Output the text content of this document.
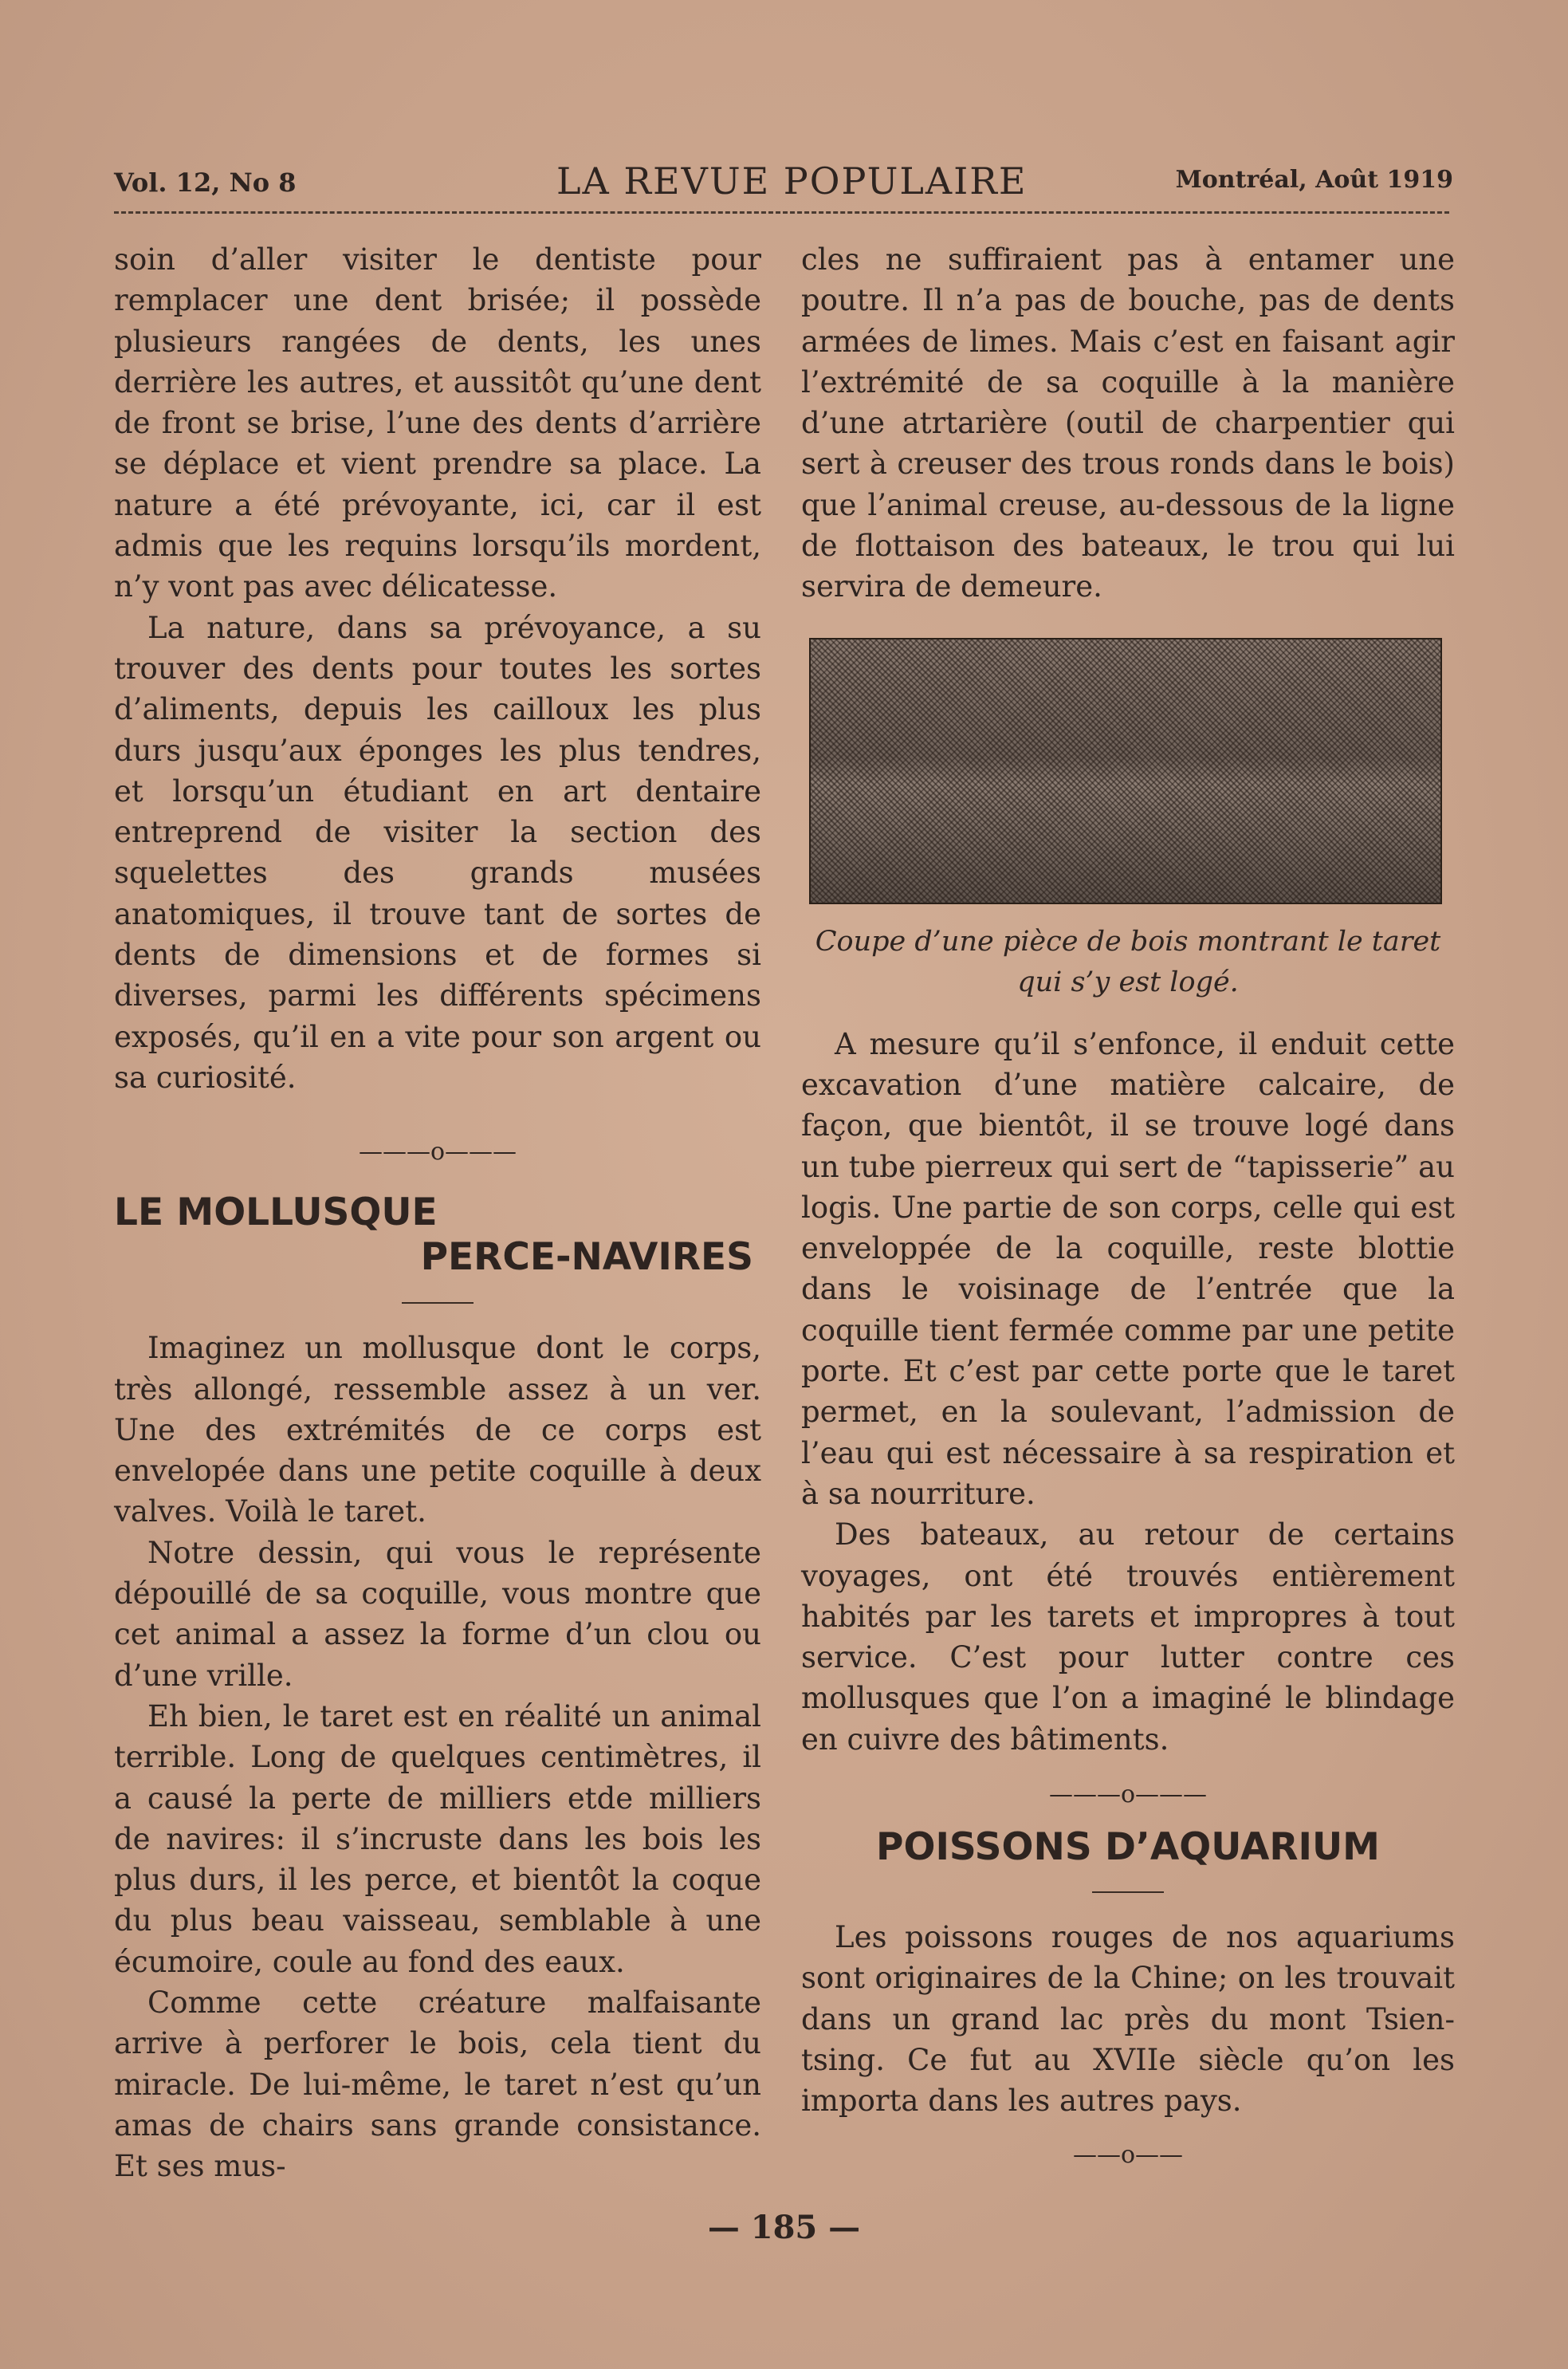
Vol. 12, No 8	LA REVUE POPULAIRE	Montréal, Août 1919

soin d’aller visiter le dentiste pour remplacer une dent brisée; il possède plusieurs rangées de dents, les unes derrière les autres, et aussitôt qu’une dent de front se brise, l’une des dents d’arrière se déplace et vient prendre sa place. La nature a été prévoyante, ici, car il est admis que les requins lorsqu’ils mordent, n’y vont pas avec délicatesse.

La nature, dans sa prévoyance, a su trouver des dents pour toutes les sortes d’aliments, depuis les cailloux les plus durs jusqu’aux éponges les plus tendres, et lorsqu’un étudiant en art dentaire entreprend de visiter la section des squelettes des grands musées anatomiques, il trouve tant de sortes de dents de dimensions et de formes si diverses, parmi les différents spécimens exposés, qu’il en a vite pour son argent ou sa curiosité.

———o———
LE MOLLUSQUE
PERCE-NAVIRES

Imaginez un mollusque dont le corps, très allongé, ressemble assez à un ver. Une des extrémités de ce corps est envelopée dans une petite coquille à deux valves. Voilà le taret.

Notre dessin, qui vous le représente dépouillé de sa coquille, vous montre que cet animal a assez la forme d’un clou ou d’une vrille.

Eh bien, le taret est en réalité un animal terrible. Long de quelques centimètres, il a causé la perte de milliers etde milliers de navires: il s’incruste dans les bois les plus durs, il les perce, et bientôt la coque du plus beau vaisseau, semblable à une écumoire, coule au fond des eaux.

Comme cette créature malfaisante arrive à perforer le bois, cela tient du miracle. De lui-même, le taret n’est qu’un amas de chairs sans grande consistance. Et ses mus-

cles ne suffiraient pas à entamer une poutre. Il n’a pas de bouche, pas de dents armées de limes. Mais c’est en faisant agir l’extrémité de sa coquille à la manière d’une atrtarière (outil de charpentier qui sert à creuser des trous ronds dans le bois) que l’animal creuse, au-dessous de la ligne de flottaison des bateaux, le trou qui lui servira de demeure.

Coupe d’une pièce de bois montrant le taret qui s’y est logé.

A mesure qu’il s’enfonce, il enduit cette excavation d’une matière calcaire, de façon, que bientôt, il se trouve logé dans un tube pierreux qui sert de “tapisserie” au logis. Une partie de son corps, celle qui est enveloppée de la coquille, reste blottie dans le voisinage de l’entrée que la coquille tient fermée comme par une petite porte. Et c’est par cette porte que le taret permet, en la soulevant, l’admission de l’eau qui est nécessaire à sa respiration et à sa nourriture.

Des bateaux, au retour de certains voyages, ont été trouvés entièrement habités par les tarets et impropres à tout service. C’est pour lutter contre ces mollusques que l’on a imaginé le blindage en cuivre des bâtiments.

———o———
POISSONS D’AQUARIUM

Les poissons rouges de nos aquariums sont originaires de la Chine; on les trouvait dans un grand lac près du mont Tsien-tsing. Ce fut au XVIIe siècle qu’on les importa dans les autres pays.

——o——
— 185 —
